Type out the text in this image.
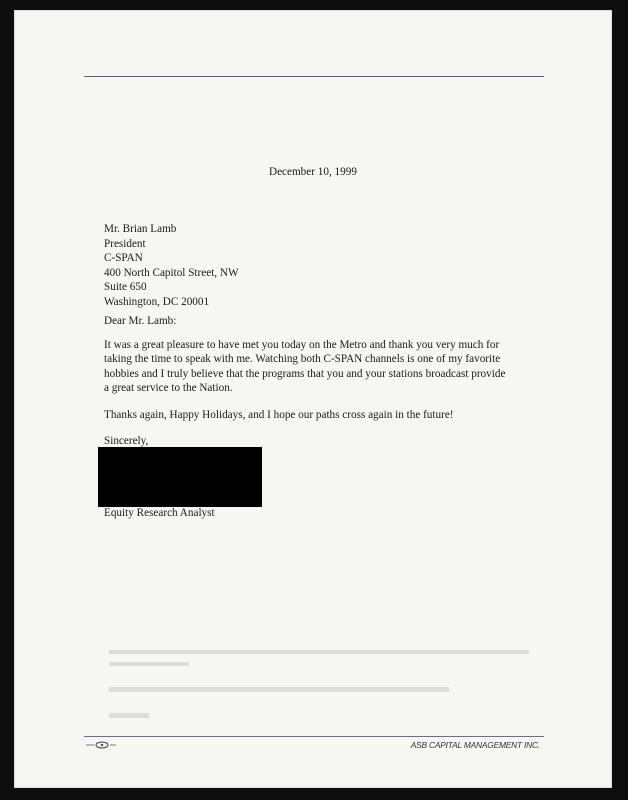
December 10, 1999
Mr. Brian Lamb
President
C-SPAN
400 North Capitol Street, NW
Suite 650
Washington, DC 20001
Dear Mr. Lamb:
It was a great pleasure to have met you today on the Metro and thank you very much for
taking the time to speak with me. Watching both C-SPAN channels is one of my favorite
hobbies and I truly believe that the programs that you and your stations broadcast provide
a great service to the Nation.
Thanks again, Happy Holidays, and I hope our paths cross again in the future!
Sincerely,
Equity Research Analyst
ASB CAPITAL MANAGEMENT INC.
